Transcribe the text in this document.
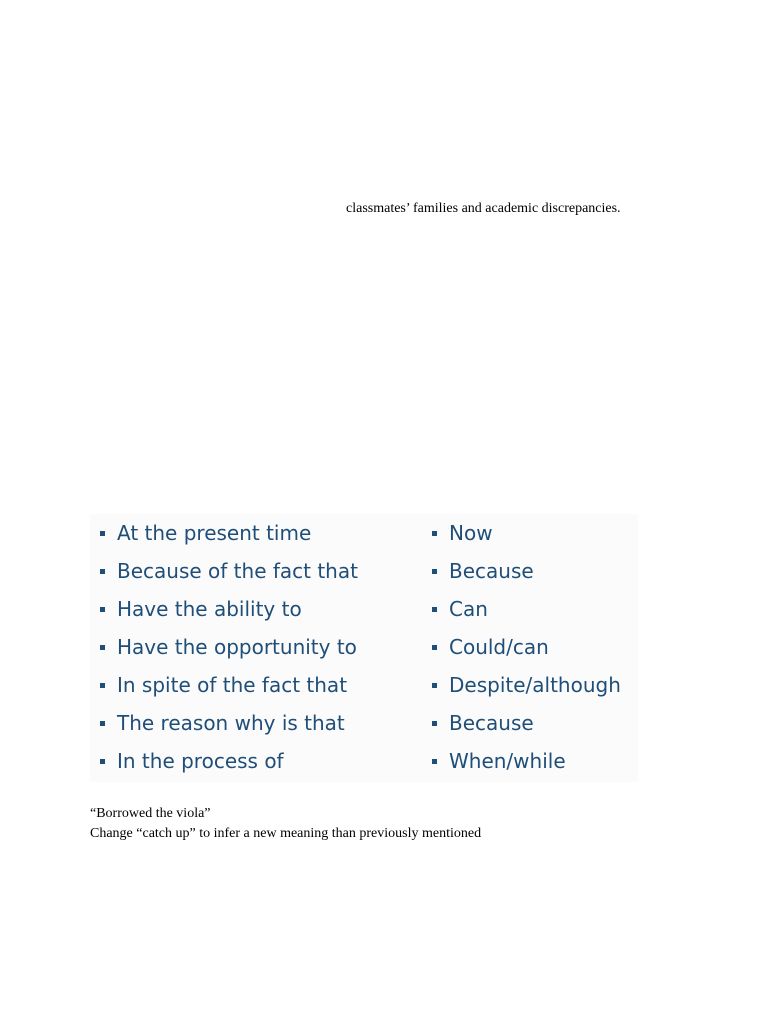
classmates’ families and academic discrepancies.
At the present time	Now
Because of the fact that	Because
Have the ability to	Can
Have the opportunity to	Could/can
In spite of the fact that	Despite/although
The reason why is that	Because
In the process of	When/while
“Borrowed the viola”
Change “catch up” to infer a new meaning than previously mentioned
